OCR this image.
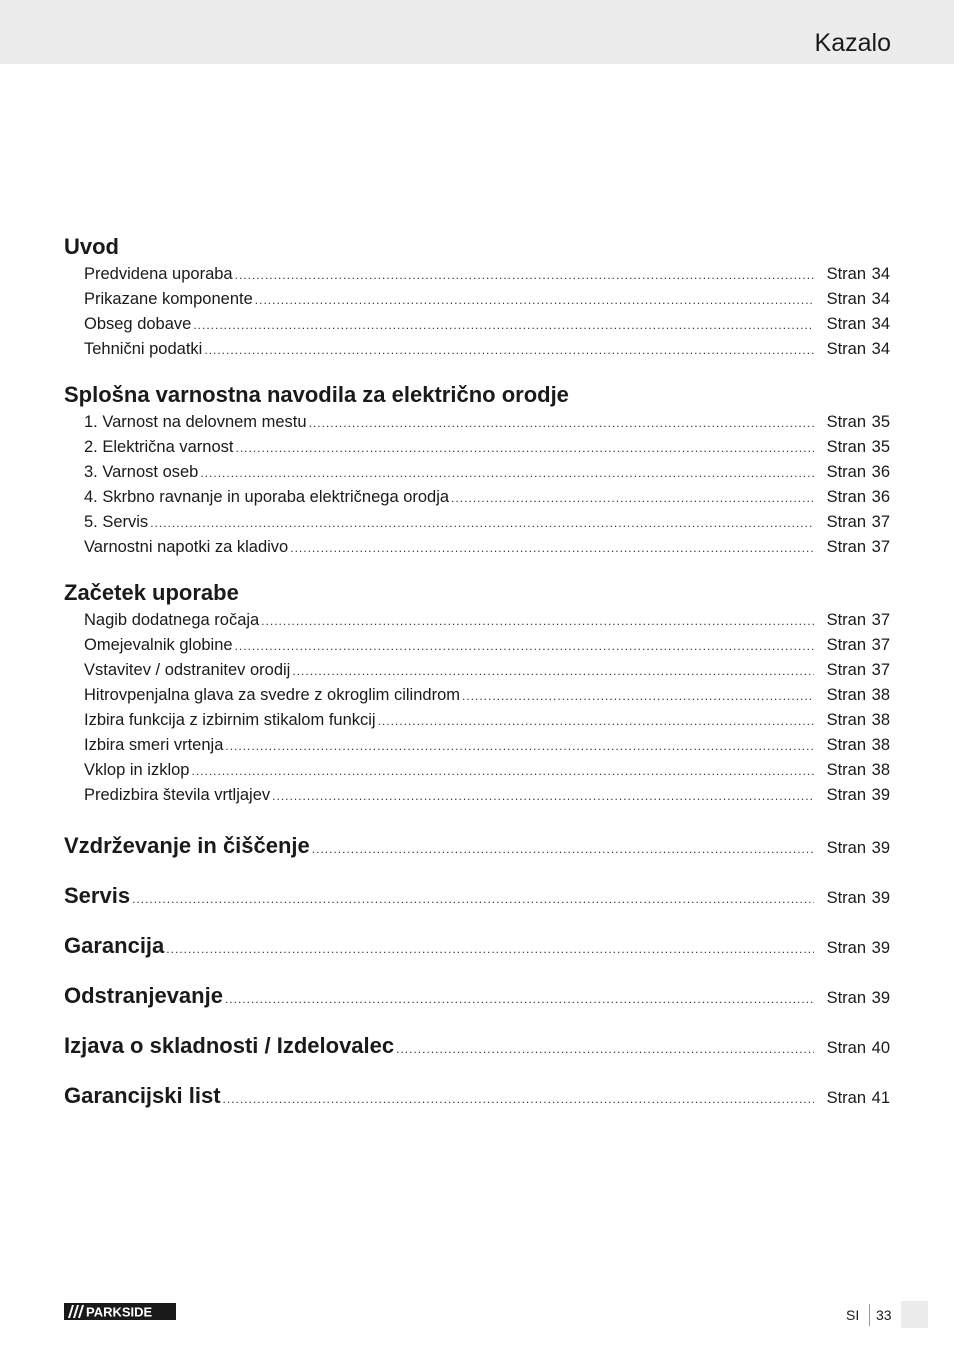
Kazalo
Uvod
Predvidena uporaba .....	Stran 34
Prikazane komponente .....	Stran 34
Obseg dobave .....	Stran 34
Tehnični podatki .....	Stran 34
Splošna varnostna navodila za električno orodje
1. Varnost na delovnem mestu .....	Stran 35
2. Električna varnost .....	Stran 35
3. Varnost oseb .....	Stran 36
4. Skrbno ravnanje in uporaba električnega orodja .....	Stran 36
5. Servis .....	Stran 37
Varnostni napotki za kladivo .....	Stran 37
Začetek uporabe
Nagib dodatnega ročaja .....	Stran 37
Omejevalnik globine .....	Stran 37
Vstavitev / odstranitev orodij .....	Stran 37
Hitrovpenjalna glava za svedre z okroglim cilindrom .....	Stran 38
Izbira funkcija z izbirnim stikalom funkcij .....	Stran 38
Izbira smeri vrtenja .....	Stran 38
Vklop in izklop .....	Stran 38
Predizbira števila vrtljajev .....	Stran 39
Vzdrževanje in čiščenje .....	Stran 39
Servis .....	Stran 39
Garancija .....	Stran 39
Odstranjevanje .....	Stran 39
Izjava o skladnosti / Izdelovalec .....	Stran 40
Garancijski list .....	Stran 41
PARKSIDE	SI 33
